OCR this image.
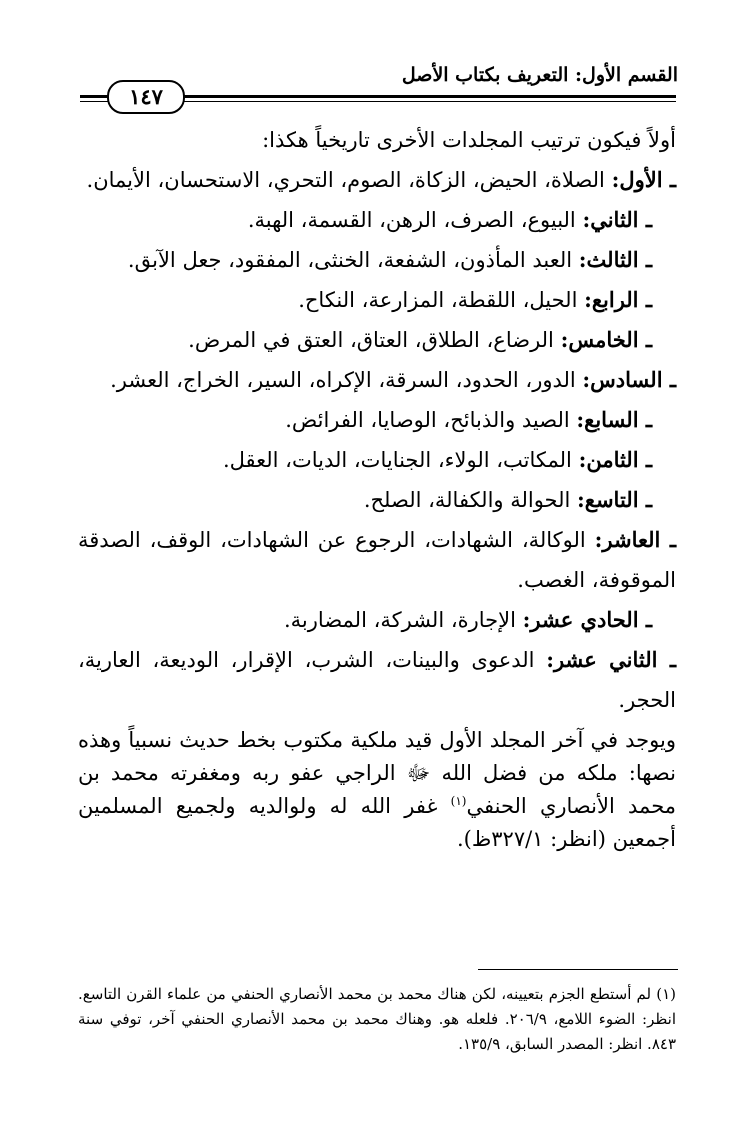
القسم الأول: التعريف بكتاب الأصل
١٤٧

أولاً فيكون ترتيب المجلدات الأخرى تاريخياً هكذا:

ـ الأول: الصلاة، الحيض، الزكاة، الصوم، التحري، الاستحسان، الأيمان.

ـ الثاني: البيوع، الصرف، الرهن، القسمة، الهبة.

ـ الثالث: العبد المأذون، الشفعة، الخنثى، المفقود، جعل الآبق.

ـ الرابع: الحيل، اللقطة، المزارعة، النكاح.

ـ الخامس: الرضاع، الطلاق، العتاق، العتق في المرض.

ـ السادس: الدور، الحدود، السرقة، الإكراه، السير، الخراج، العشر.

ـ السابع: الصيد والذبائح، الوصايا، الفرائض.

ـ الثامن: المكاتب، الولاء، الجنايات، الديات، العقل.

ـ التاسع: الحوالة والكفالة، الصلح.

ـ العاشر: الوكالة، الشهادات، الرجوع عن الشهادات، الوقف، الصدقة الموقوفة، الغصب.

ـ الحادي عشر: الإجارة، الشركة، المضاربة.

ـ الثاني عشر: الدعوى والبينات، الشرب، الإقرار، الوديعة، العارية، الحجر.

ويوجد في آخر المجلد الأول قيد ملكية مكتوب بخط حديث نسبياً وهذه نصها: ملكه من فضل الله ﷻ الراجي عفو ربه ومغفرته محمد بن محمد الأنصاري الحنفي$^{(١)}$ غفر الله له ولوالديه ولجميع المسلمين أجمعين (انظر: ٣٢٧/١ظ).

(١) لم أستطع الجزم بتعيينه، لكن هناك محمد بن محمد الأنصاري الحنفي من علماء القرن التاسع. انظر: الضوء اللامع، ٢٠٦/٩. فلعله هو. وهناك محمد بن محمد الأنصاري الحنفي آخر، توفي سنة ٨٤٣. انظر: المصدر السابق، ١٣٥/٩.
